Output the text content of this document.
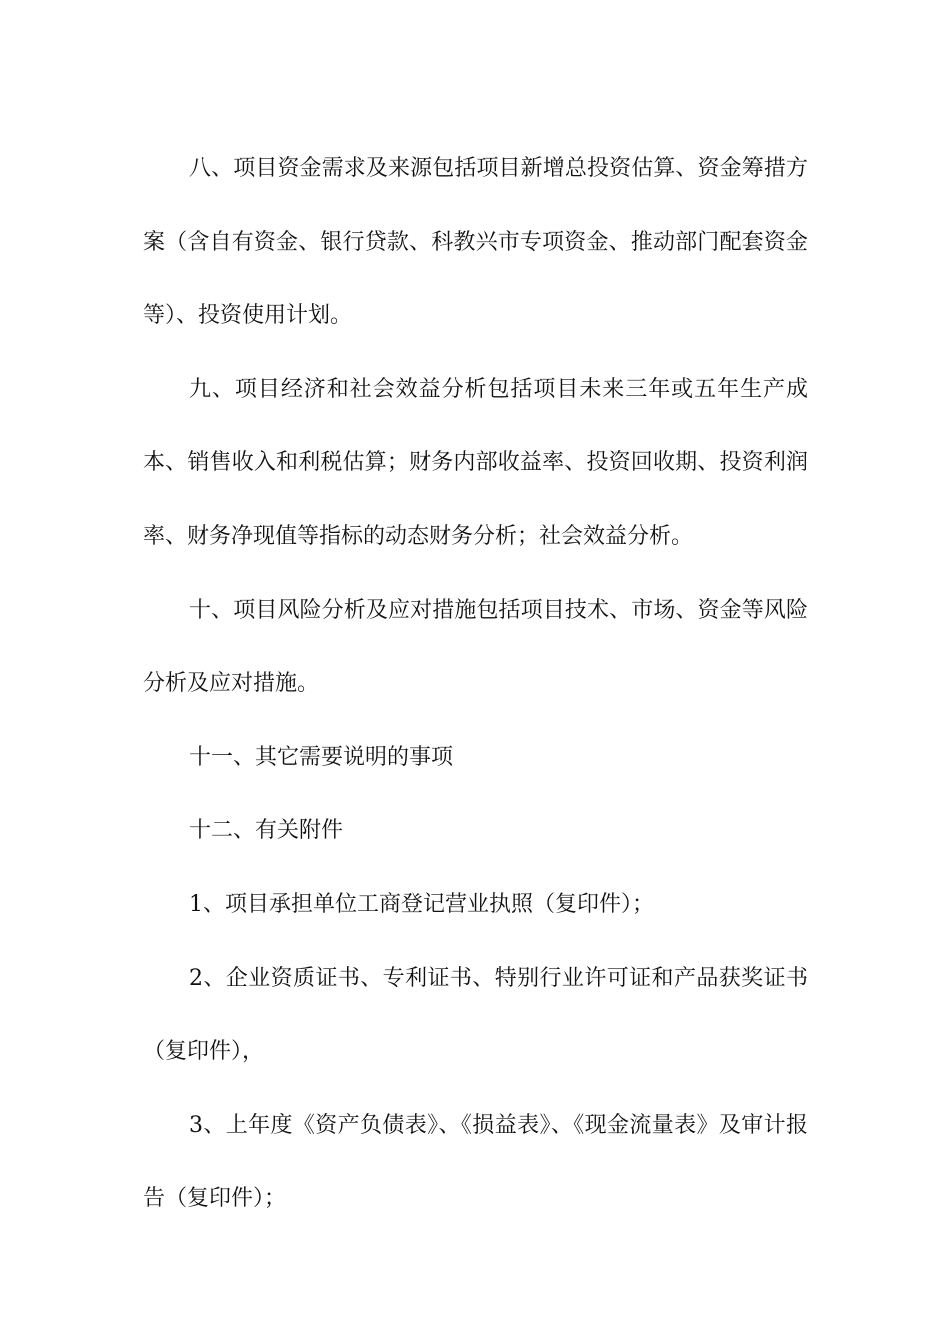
八、项目资金需求及来源包括项目新增总投资估算、资金筹措方案（含自有资金、银行贷款、科教兴市专项资金、推动部门配套资金等）、投资使用计划。

九、项目经济和社会效益分析包括项目未来三年或五年生产成本、销售收入和利税估算；财务内部收益率、投资回收期、投资利润率、财务净现值等指标的动态财务分析；社会效益分析。

十、项目风险分析及应对措施包括项目技术、市场、资金等风险分析及应对措施。

十一、其它需要说明的事项

十二、有关附件

1、项目承担单位工商登记营业执照（复印件）；

2、企业资质证书、专利证书、特别行业许可证和产品获奖证书（复印件），

3、上年度《资产负债表》、《损益表》、《现金流量表》及审计报告（复印件）；
